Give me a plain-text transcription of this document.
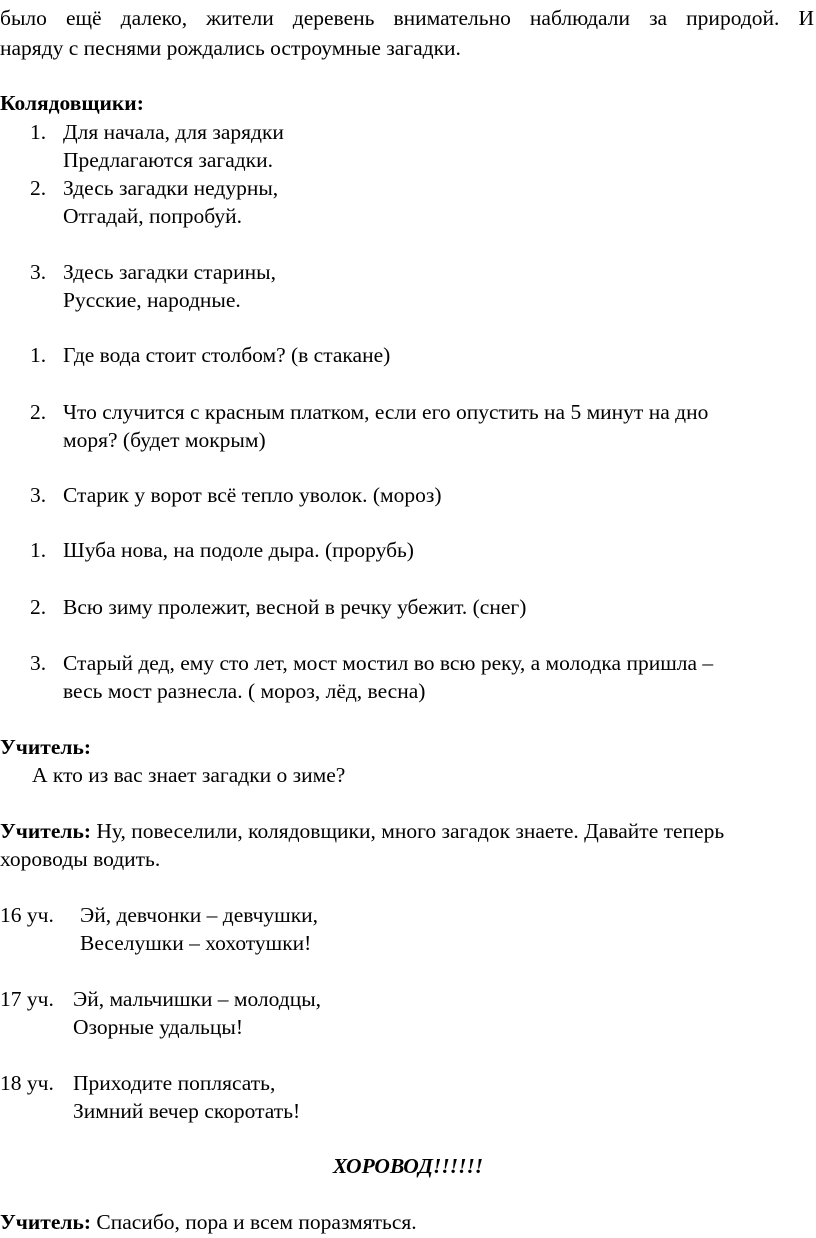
было ещё далеко, жители деревень внимательно наблюдали за природой. И
наряду с песнями рождались остроумные загадки.
Колядовщики:
1. Для начала, для зарядки
Предлагаются загадки.
2. Здесь загадки недурны,
Отгадай, попробуй.
3. Здесь загадки старины,
Русские, народные.
1. Где вода стоит столбом? (в стакане)
2. Что случится с красным платком, если его опустить на 5 минут на дно
моря? (будет мокрым)
3. Старик у ворот всё тепло уволок. (мороз)
1. Шуба нова, на подоле дыра. (прорубь)
2. Всю зиму пролежит, весной в речку убежит. (снег)
3. Старый дед, ему сто лет, мост мостил во всю реку, а молодка пришла –
весь мост разнесла. ( мороз, лёд, весна)
Учитель:
А кто из вас знает загадки о зиме?
Учитель: Ну, повеселили, колядовщики, много загадок знаете. Давайте теперь
хороводы водить.
16 уч. Эй, девчонки – девчушки,
Веселушки – хохотушки!
17 уч. Эй, мальчишки – молодцы,
Озорные удальцы!
18 уч. Приходите поплясать,
Зимний вечер скоротать!
ХОРОВОД!!!!!!
Учитель: Спасибо, пора и всем поразмяться.
